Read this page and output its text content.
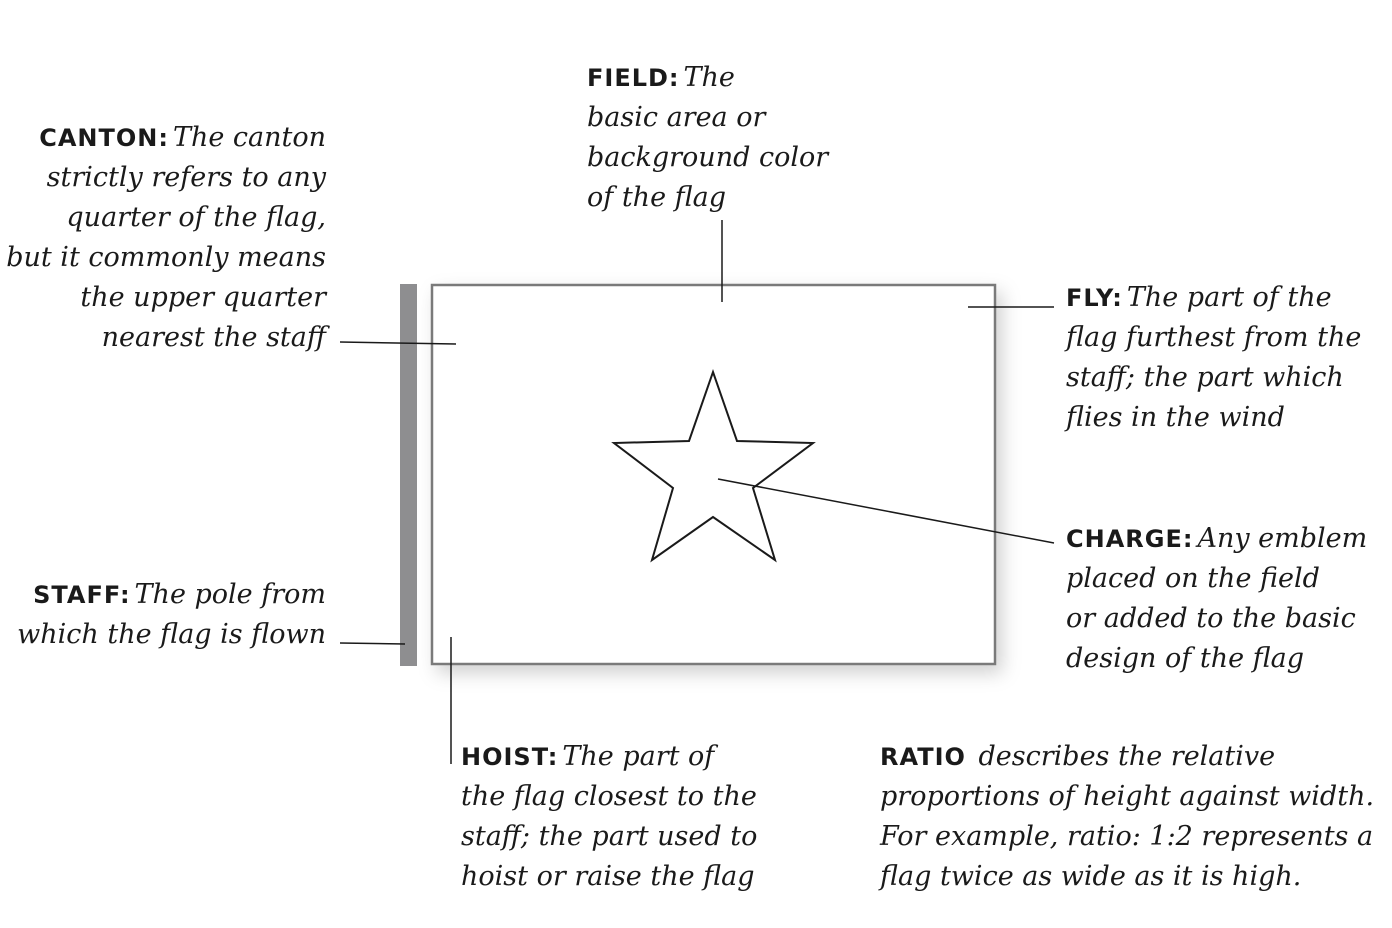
FIELD: The
basic area or
background color
of the flag
CANTON: The canton
strictly refers to any
quarter of the flag,
but it commonly means
the upper quarter
nearest the staff
FLY: The part of the
flag furthest from the
staff; the part which
flies in the wind
CHARGE: Any emblem
placed on the field
or added to the basic
design of the flag
STAFF: The pole from
which the flag is flown
HOIST: The part of
the flag closest to the
staff; the part used to
hoist or raise the flag
RATIO describes the relative
proportions of height against width.
For example, ratio: 1:2 represents a
flag twice as wide as it is high.
